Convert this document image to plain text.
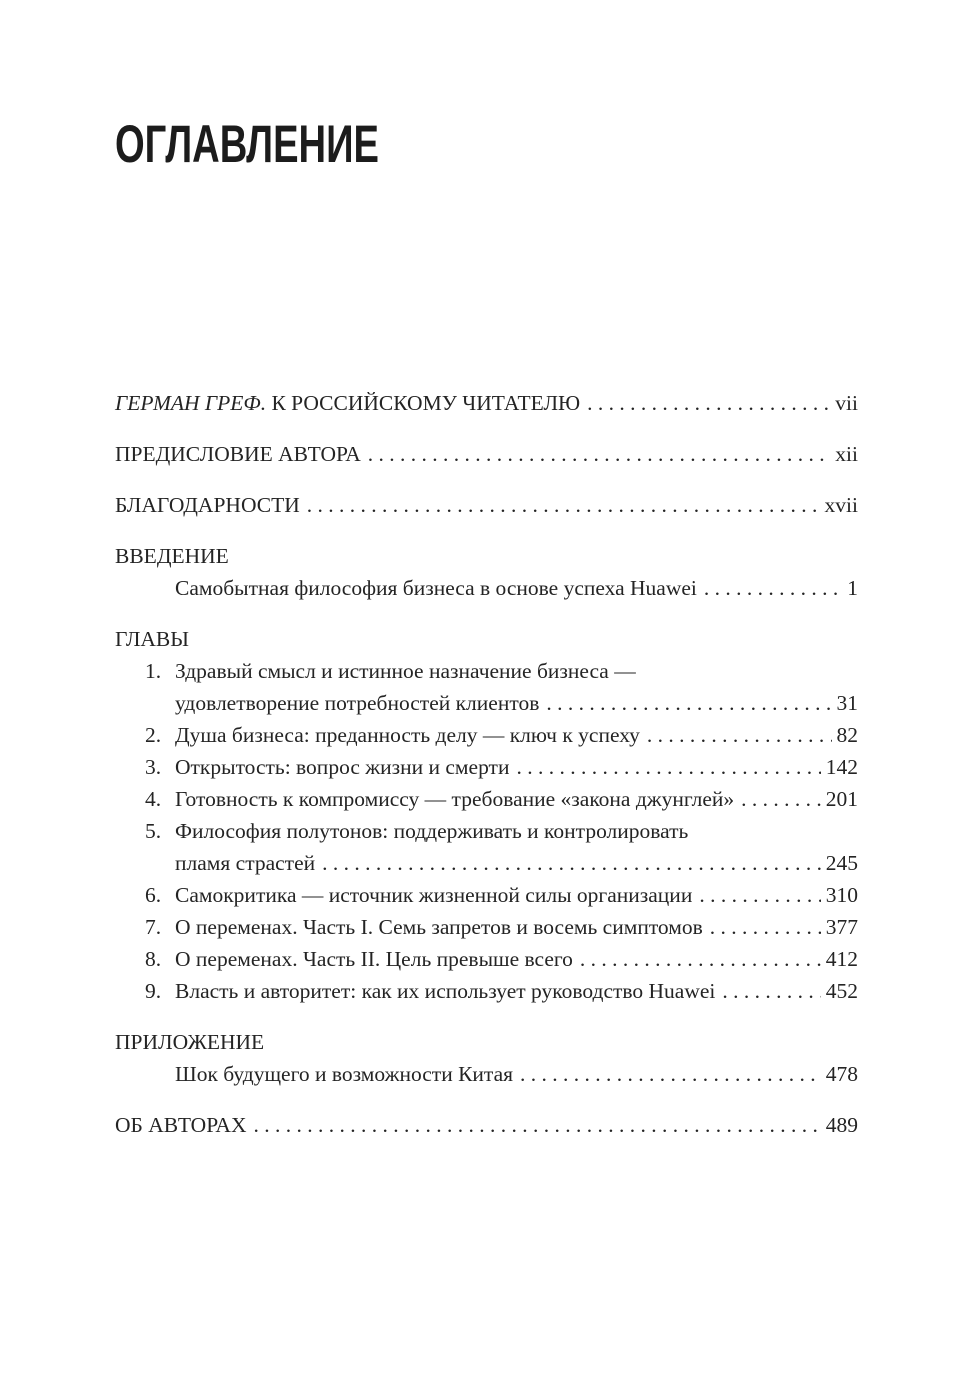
ОГЛАВЛЕНИЕ
ГЕРМАН ГРЕФ. К РОССИЙСКОМУ ЧИТАТЕЛЮ . . .	vii
ПРЕДИСЛОВИЕ АВТОРА . . .	xii
БЛАГОДАРНОСТИ . . .	xvii
ВВЕДЕНИЕ
Самобытная философия бизнеса в основе успеха Huawei . . .	1
ГЛАВЫ
1. Здравый смысл и истинное назначение бизнеса —
удовлетворение потребностей клиентов . . .	31
2. Душа бизнеса: преданность делу — ключ к успеху . . .	82
3. Открытость: вопрос жизни и смерти . . .	142
4. Готовность к компромиссу — требование «закона джунглей» . . .	201
5. Философия полутонов: поддерживать и контролировать
пламя страстей . . .	245
6. Самокритика — источник жизненной силы организации . . .	310
7. О переменах. Часть I. Семь запретов и восемь симптомов . . .	377
8. О переменах. Часть II. Цель превыше всего . . .	412
9. Власть и авторитет: как их использует руководство Huawei . . .	452
ПРИЛОЖЕНИЕ
Шок будущего и возможности Китая . . .	478
ОБ АВТОРАХ . . .	489
